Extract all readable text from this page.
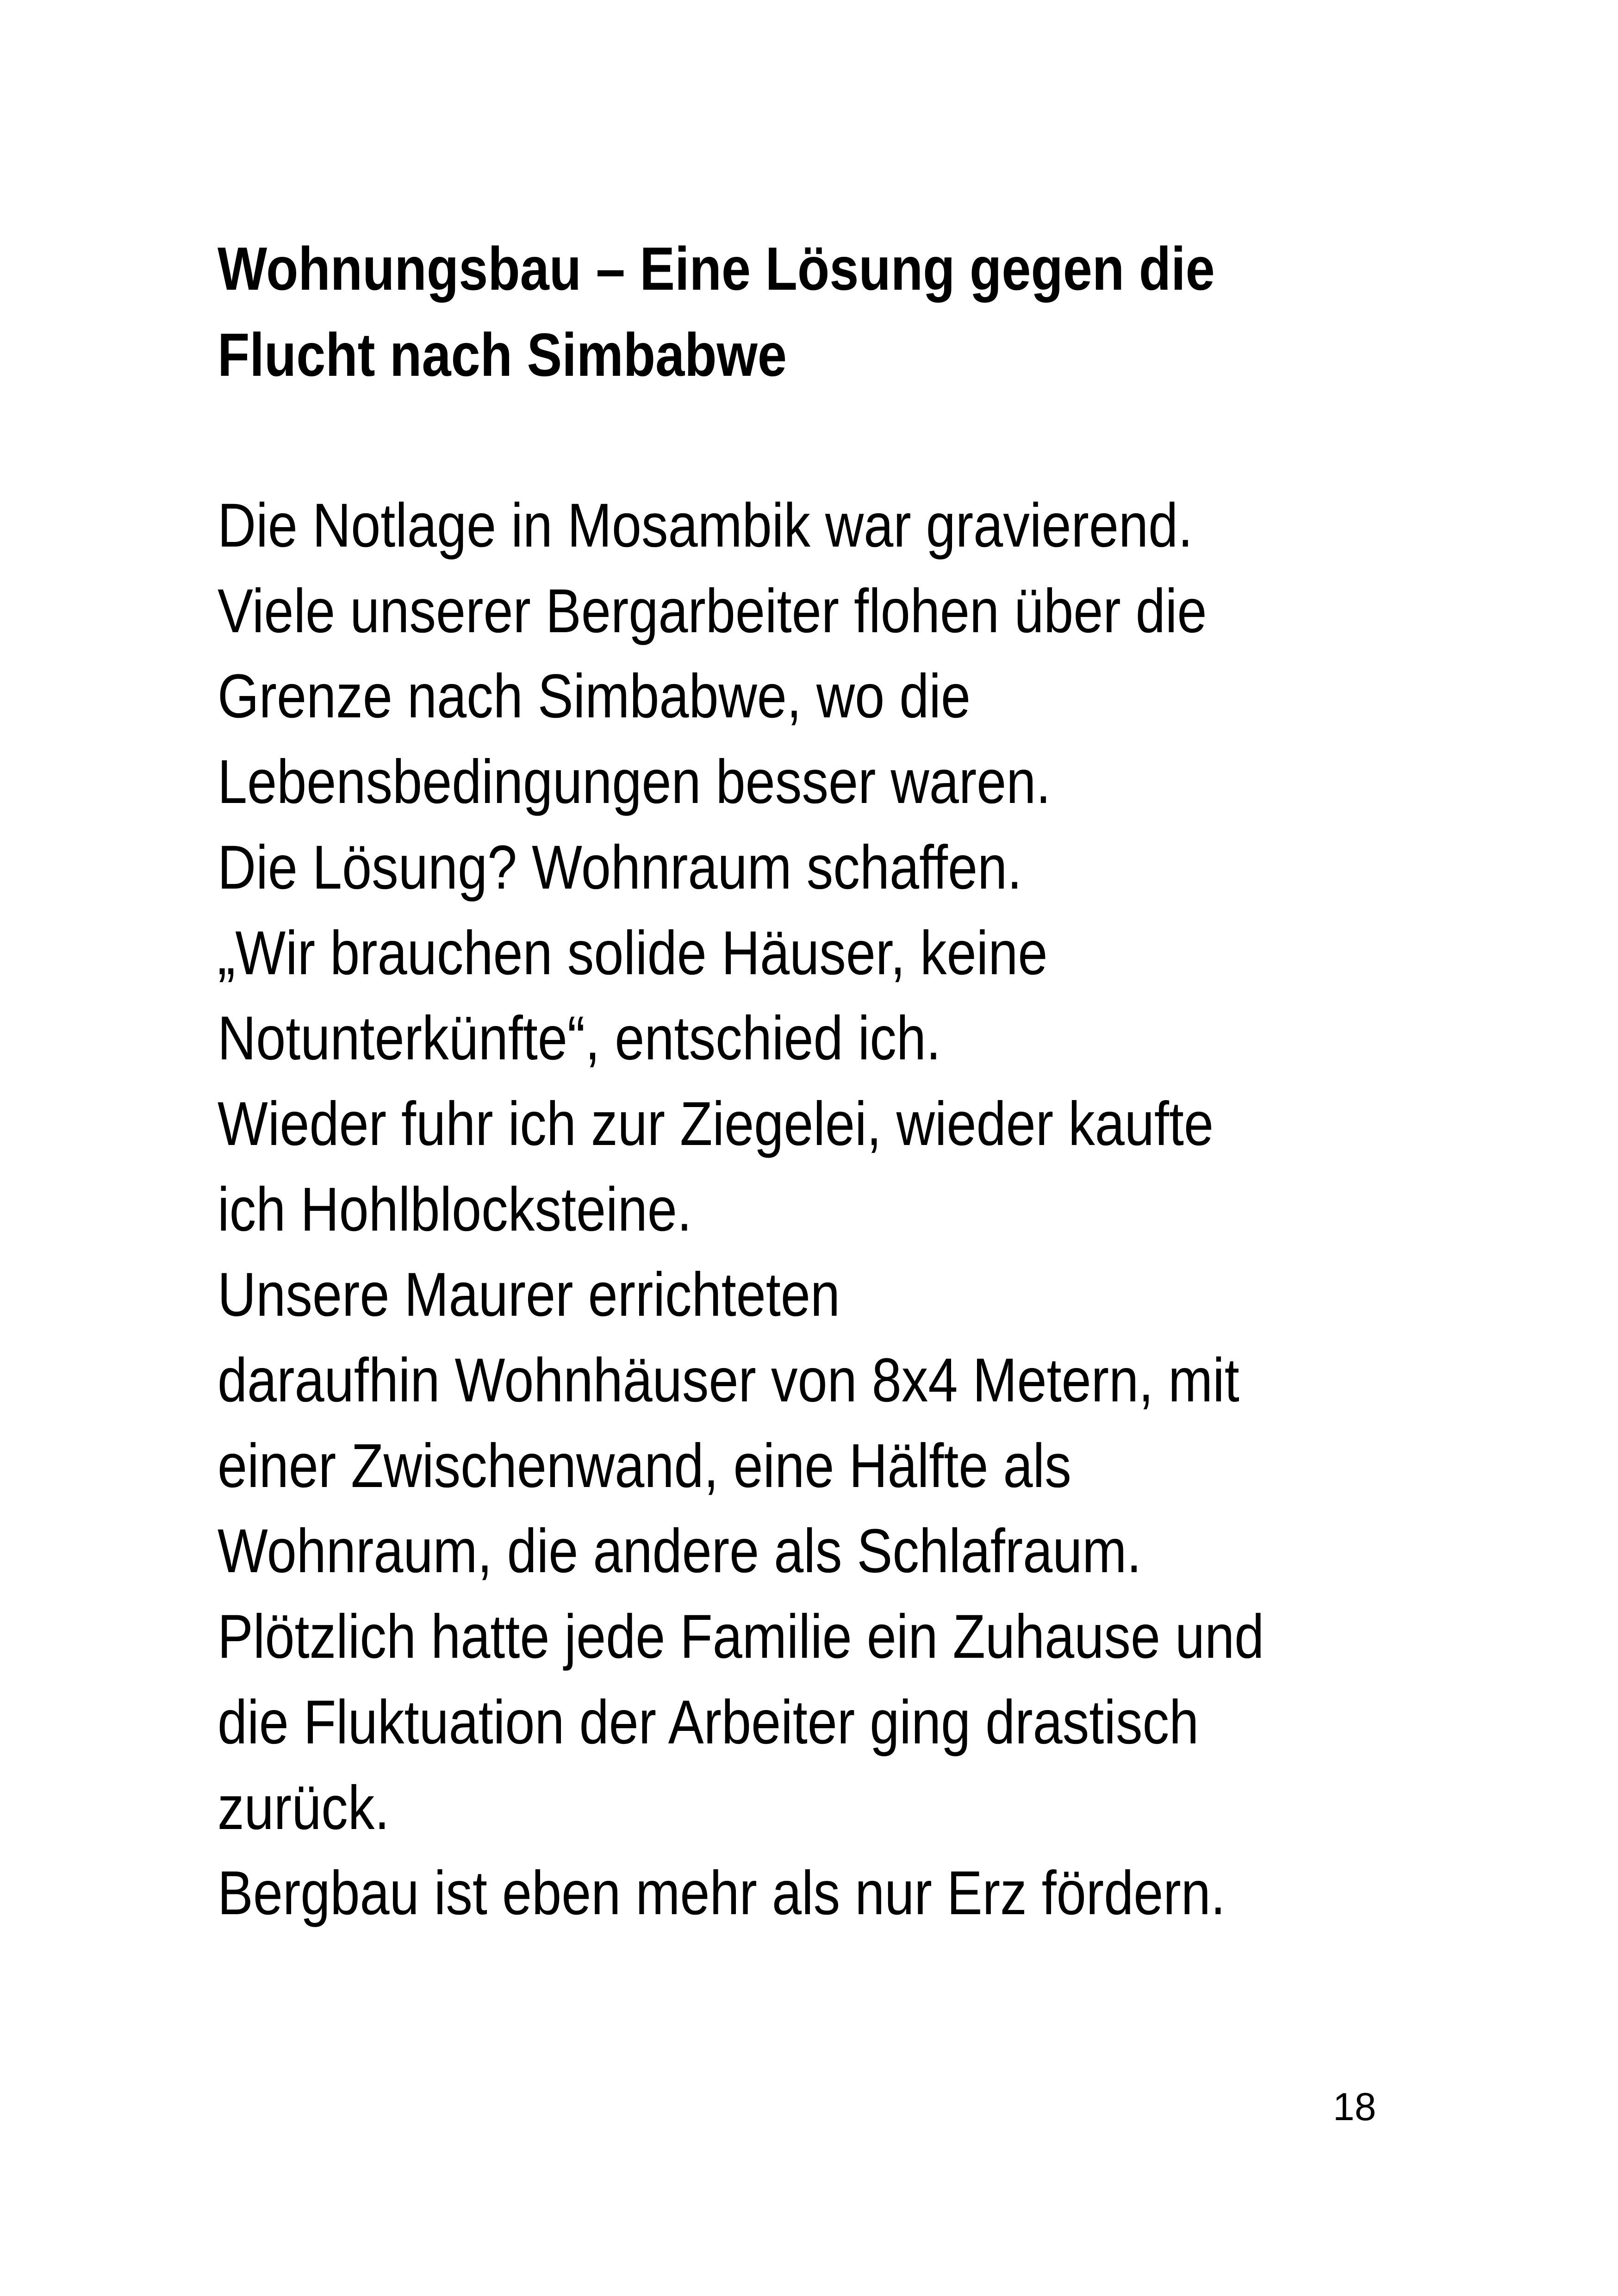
Wohnungsbau – Eine Lösung gegen die
Flucht nach Simbabwe
Die Notlage in Mosambik war gravierend.
Viele unserer Bergarbeiter flohen über die
Grenze nach Simbabwe, wo die
Lebensbedingungen besser waren.
Die Lösung? Wohnraum schaffen.
„Wir brauchen solide Häuser, keine
Notunterkünfte“, entschied ich.
Wieder fuhr ich zur Ziegelei, wieder kaufte
ich Hohlblocksteine.
Unsere Maurer errichteten
daraufhin Wohnhäuser von 8x4 Metern, mit
einer Zwischenwand, eine Hälfte als
Wohnraum, die andere als Schlafraum.
Plötzlich hatte jede Familie ein Zuhause und
die Fluktuation der Arbeiter ging drastisch
zurück.
Bergbau ist eben mehr als nur Erz fördern.
18
